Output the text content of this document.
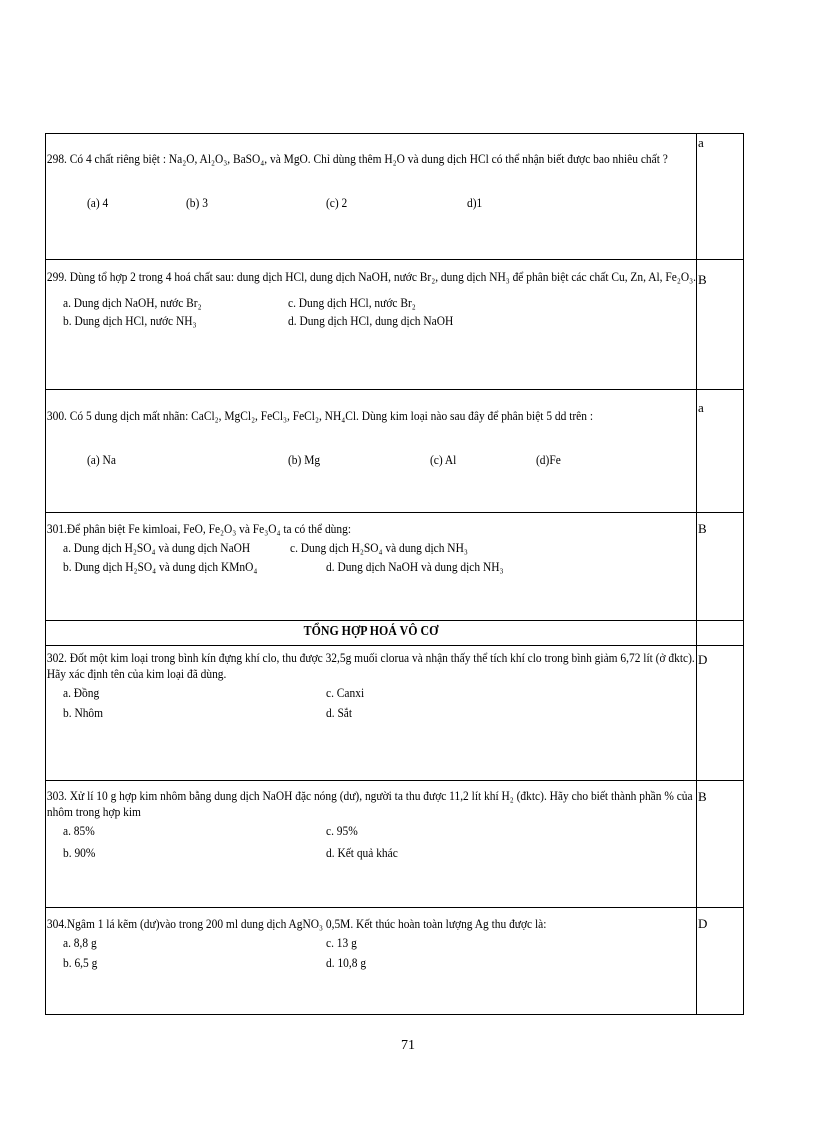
298. Có 4 chất riêng biệt : Na₂O, Al₂O₃, BaSO₄, và MgO. Chỉ dùng thêm H₂O và dung dịch HCl có thể nhận biết được bao nhiêu chất ?
(a) 4 (b) 3 (c) 2 d)1	a

299. Dùng tổ hợp 2 trong 4 hoá chất sau: dung dịch HCl, dung dịch NaOH, nước Br₂, dung dịch NH₃ để phân biệt các chất Cu, Zn, Al, Fe₂O₃.
a. Dung dịch NaOH, nước Br₂ c. Dung dịch HCl, nước Br₂
b. Dung dịch HCl, nước NH₃ d. Dung dịch HCl, dung dịch NaOH	B

300. Có 5 dung dịch mất nhãn: CaCl₂, MgCl₂, FeCl₃, FeCl₂, NH₄Cl. Dùng kim loại nào sau đây để phân biệt 5 dd trên :
(a) Na (b) Mg (c) Al (d)Fe	a

301.Để phân biệt Fe kimloai, FeO, Fe₂O₃ và Fe₃O₄ ta có thể dùng:
a. Dung dịch H₂SO₄ và dung dịch NaOH c. Dung dịch H₂SO₄ và dung dịch NH₃
b. Dung dịch H₂SO₄ và dung dịch KMnO₄ d. Dung dịch NaOH và dung dịch NH₃	B

TỔNG HỢP HOÁ VÔ CƠ	

302. Đốt một kim loại trong bình kín đựng khí clo, thu được 32,5g muối clorua và nhận thấy thể tích khí clo trong bình giảm 6,72 lít (ở đktc). Hãy xác định tên của kim loại đã dùng.
a. Đồng c. Canxi
b. Nhôm d. Sắt	D

303. Xử lí 10 g hợp kim nhôm bằng dung dịch NaOH đặc nóng (dư), người ta thu được 11,2 lít khí H₂ (đktc). Hãy cho biết thành phần % của nhôm trong hợp kim
a. 85% c. 95%
b. 90% d. Kết quả khác	B

304.Ngâm 1 lá kẽm (dư)vào trong 200 ml dung dịch AgNO₃ 0,5M. Kết thúc hoàn toàn lượng Ag thu được là:
a. 8,8 g c. 13 g
b. 6,5 g d. 10,8 g	D
71
